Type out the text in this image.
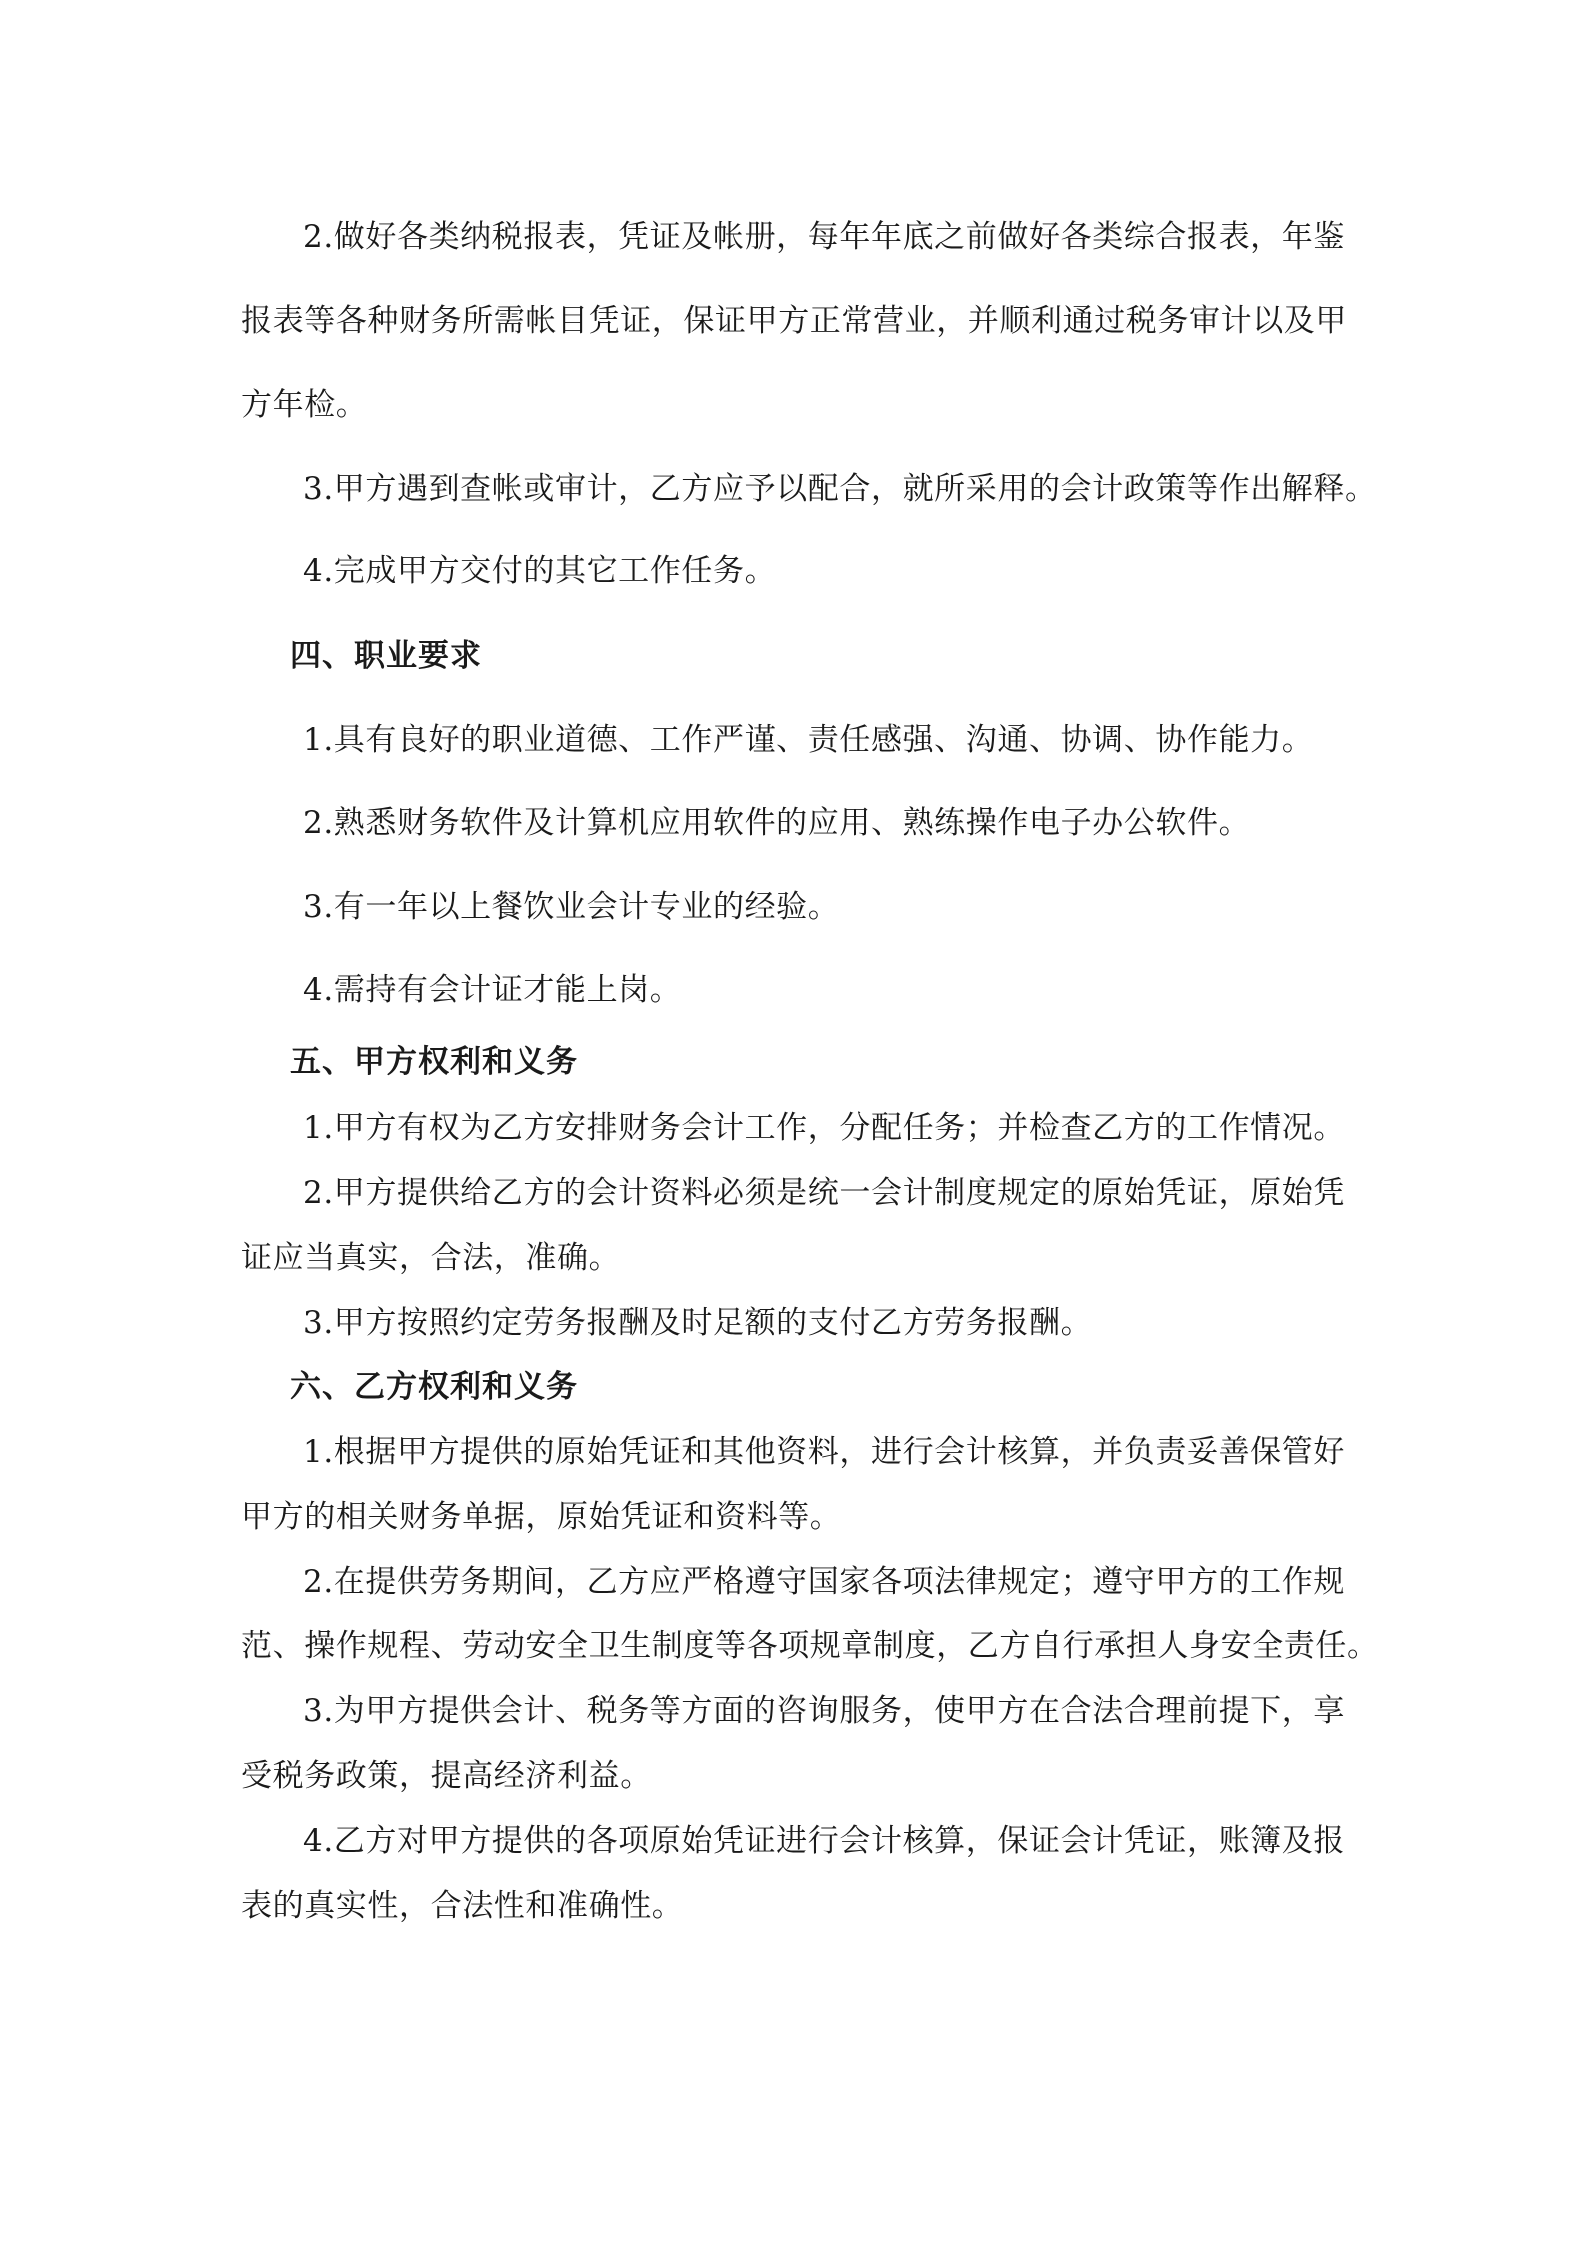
2.做好各类纳税报表，凭证及帐册，每年年底之前做好各类综合报表，年鉴
报表等各种财务所需帐目凭证，保证甲方正常营业，并顺利通过税务审计以及甲
方年检。
3.甲方遇到查帐或审计，乙方应予以配合，就所采用的会计政策等作出解释。
4.完成甲方交付的其它工作任务。
四、职业要求
1.具有良好的职业道德、工作严谨、责任感强、沟通、协调、协作能力。
2.熟悉财务软件及计算机应用软件的应用、熟练操作电子办公软件。
3.有一年以上餐饮业会计专业的经验。
4.需持有会计证才能上岗。
五、甲方权利和义务
1.甲方有权为乙方安排财务会计工作，分配任务；并检查乙方的工作情况。
2.甲方提供给乙方的会计资料必须是统一会计制度规定的原始凭证，原始凭
证应当真实，合法，准确。
3.甲方按照约定劳务报酬及时足额的支付乙方劳务报酬。
六、乙方权利和义务
1.根据甲方提供的原始凭证和其他资料，进行会计核算，并负责妥善保管好
甲方的相关财务单据，原始凭证和资料等。
2.在提供劳务期间，乙方应严格遵守国家各项法律规定；遵守甲方的工作规
范、操作规程、劳动安全卫生制度等各项规章制度，乙方自行承担人身安全责任。
3.为甲方提供会计、税务等方面的咨询服务，使甲方在合法合理前提下，享
受税务政策，提高经济利益。
4.乙方对甲方提供的各项原始凭证进行会计核算，保证会计凭证，账簿及报
表的真实性，合法性和准确性。
